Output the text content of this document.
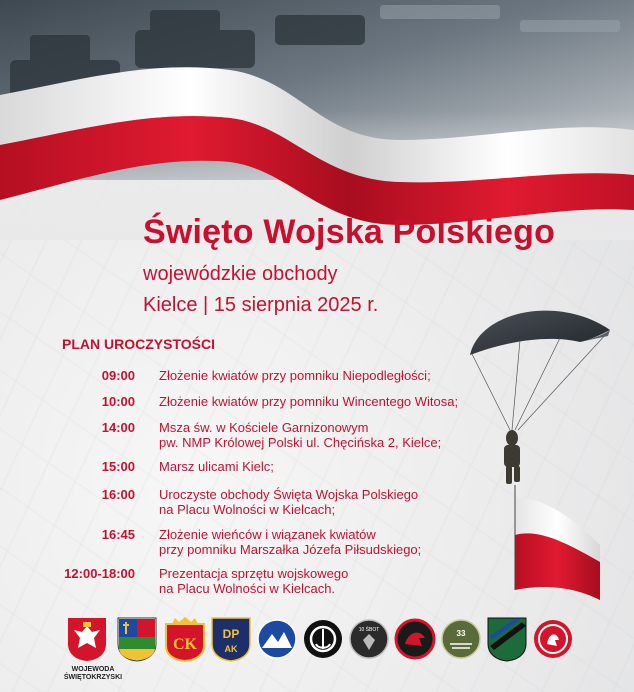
Święto Wojska Polskiego
wojewódzkie obchody
Kielce | 15 sierpnia 2025 r.
PLAN UROCZYSTOŚCI
09:00 Złożenie kwiatów przy pomniku Niepodległości;
10:00 Złożenie kwiatów przy pomniku Wincentego Witosa;
14:00 Msza św. w Kościele Garnizonowym
pw. NMP Królowej Polski ul. Chęcińska 2, Kielce;
15:00 Marsz ulicami Kielc;
16:00 Uroczyste obchody Święta Wojska Polskiego
na Placu Wolności w Kielcach;
16:45 Złożenie wieńców i wiązanek kwiatów
przy pomniku Marszałka Józefa Piłsudskiego;
12:00-18:00 Prezentacja sprzętu wojskowego
na Placu Wolności w Kielcach.
CK
DP
AK
10 ŚBOT	33
WOJEWODA
ŚWIĘTOKRZYSKI
